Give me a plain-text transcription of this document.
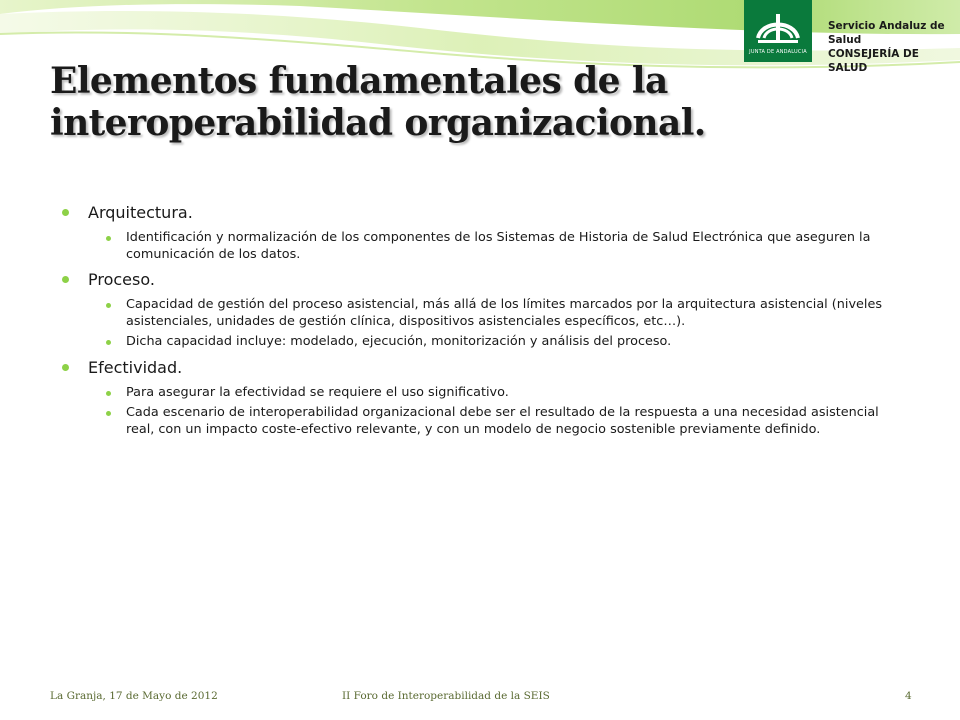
JUNTA DE ANDALUCIA
Servicio Andaluz de Salud
CONSEJERÍA DE SALUD
Elementos fundamentales de la interoperabilidad organizacional.
Arquitectura.
Identificación y normalización de los componentes de los Sistemas de Historia de Salud Electrónica que aseguren la comunicación de los datos.
Proceso.
Capacidad de gestión del proceso asistencial, más allá de los límites marcados por la arquitectura asistencial (niveles asistenciales, unidades de gestión clínica, dispositivos asistenciales específicos, etc…).
Dicha capacidad incluye: modelado, ejecución, monitorización y análisis del proceso.
Efectividad.
Para asegurar la efectividad se requiere el uso significativo.
Cada escenario de interoperabilidad organizacional debe ser el resultado de la respuesta a una necesidad asistencial real, con un impacto coste-efectivo relevante, y con un modelo de negocio sostenible previamente definido.
La Granja, 17 de Mayo de 2012	II Foro de Interoperabilidad de la SEIS	4
